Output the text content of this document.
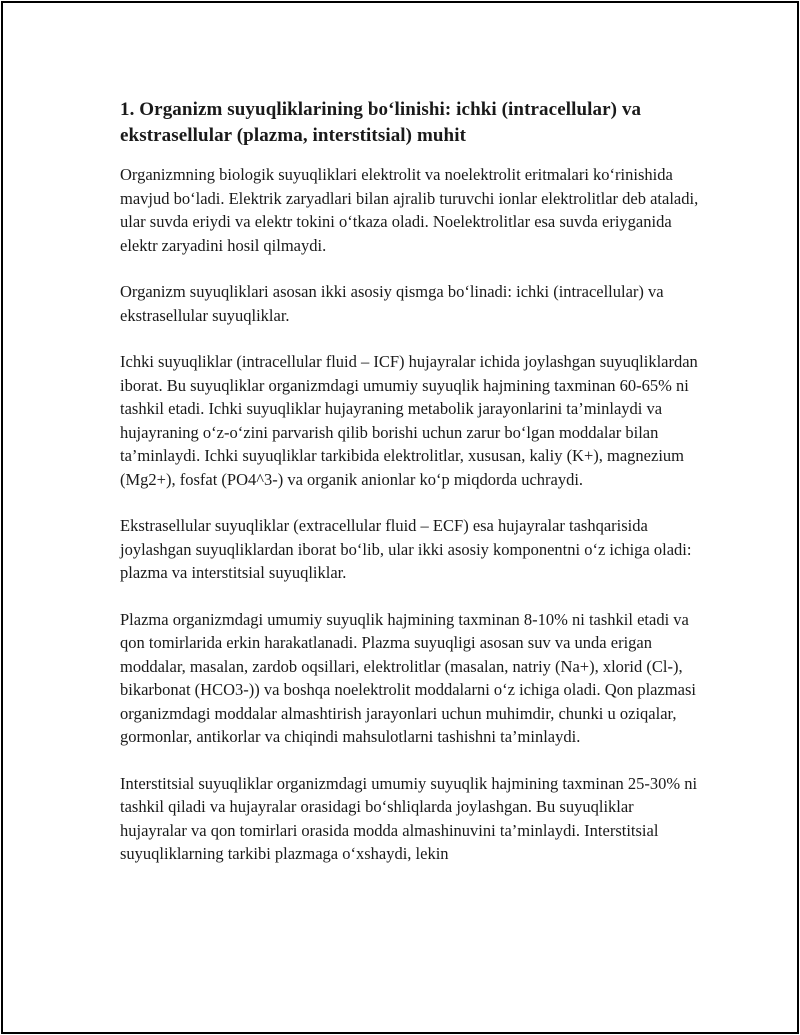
1. Organizm suyuqliklarining bo‘linishi: ichki (intracellular) va ekstrasellular (plazma, interstitsial) muhit

Organizmning biologik suyuqliklari elektrolit va noelektrolit eritmalari ko‘rinishida mavjud bo‘ladi. Elektrik zaryadlari bilan ajralib turuvchi ionlar elektrolitlar deb ataladi, ular suvda eriydi va elektr tokini o‘tkaza oladi. Noelektrolitlar esa suvda eriyganida elektr zaryadini hosil qilmaydi.

Organizm suyuqliklari asosan ikki asosiy qismga bo‘linadi: ichki (intracellular) va ekstrasellular suyuqliklar.

Ichki suyuqliklar (intracellular fluid – ICF) hujayralar ichida joylashgan suyuqliklardan iborat. Bu suyuqliklar organizmdagi umumiy suyuqlik hajmining taxminan 60-65% ni tashkil etadi. Ichki suyuqliklar hujayraning metabolik jarayonlarini ta’minlaydi va hujayraning o‘z-o‘zini parvarish qilib borishi uchun zarur bo‘lgan moddalar bilan ta’minlaydi. Ichki suyuqliklar tarkibida elektrolitlar, xususan, kaliy (K+), magnezium (Mg2+), fosfat (PO4^3-) va organik anionlar ko‘p miqdorda uchraydi.

Ekstrasellular suyuqliklar (extracellular fluid – ECF) esa hujayralar tashqarisida joylashgan suyuqliklardan iborat bo‘lib, ular ikki asosiy komponentni o‘z ichiga oladi: plazma va interstitsial suyuqliklar.

Plazma organizmdagi umumiy suyuqlik hajmining taxminan 8-10% ni tashkil etadi va qon tomirlarida erkin harakatlanadi. Plazma suyuqligi asosan suv va unda erigan moddalar, masalan, zardob oqsillari, elektrolitlar (masalan, natriy (Na+), xlorid (Cl-), bikarbonat (HCO3-)) va boshqa noelektrolit moddalarni o‘z ichiga oladi. Qon plazmasi organizmdagi moddalar almashtirish jarayonlari uchun muhimdir, chunki u oziqalar, gormonlar, antikorlar va chiqindi mahsulotlarni tashishni ta’minlaydi.

Interstitsial suyuqliklar organizmdagi umumiy suyuqlik hajmining taxminan 25-30% ni tashkil qiladi va hujayralar orasidagi bo‘shliqlarda joylashgan. Bu suyuqliklar hujayralar va qon tomirlari orasida modda almashinuvini ta’minlaydi. Interstitsial suyuqliklarning tarkibi plazmaga o‘xshaydi, lekin
